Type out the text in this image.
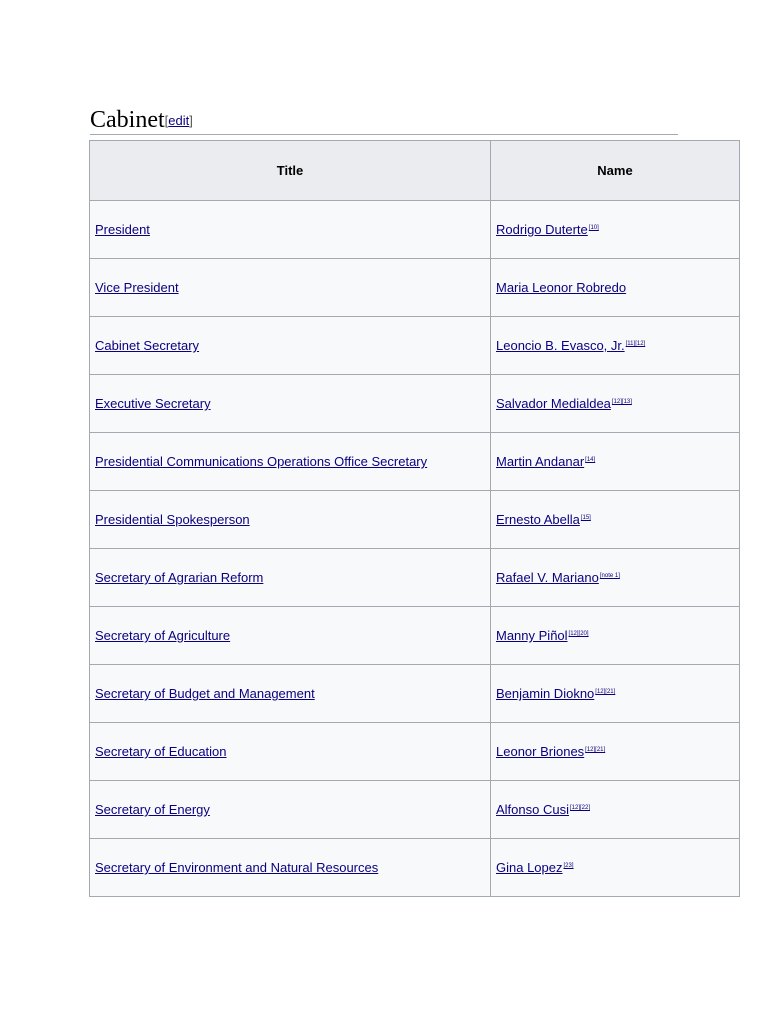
Cabinet[edit]
Title	Name
President	Rodrigo Duterte[10]
Vice President	Maria Leonor Robredo
Cabinet Secretary	Leoncio B. Evasco, Jr.[11][12]
Executive Secretary	Salvador Medialdea[12][13]
Presidential Communications Operations Office Secretary	Martin Andanar[14]
Presidential Spokesperson	Ernesto Abella[15]
Secretary of Agrarian Reform	Rafael V. Mariano[note 1]
Secretary of Agriculture	Manny Piñol[12][20]
Secretary of Budget and Management	Benjamin Diokno[12][21]
Secretary of Education	Leonor Briones[12][21]
Secretary of Energy	Alfonso Cusi[12][22]
Secretary of Environment and Natural Resources	Gina Lopez[23]
